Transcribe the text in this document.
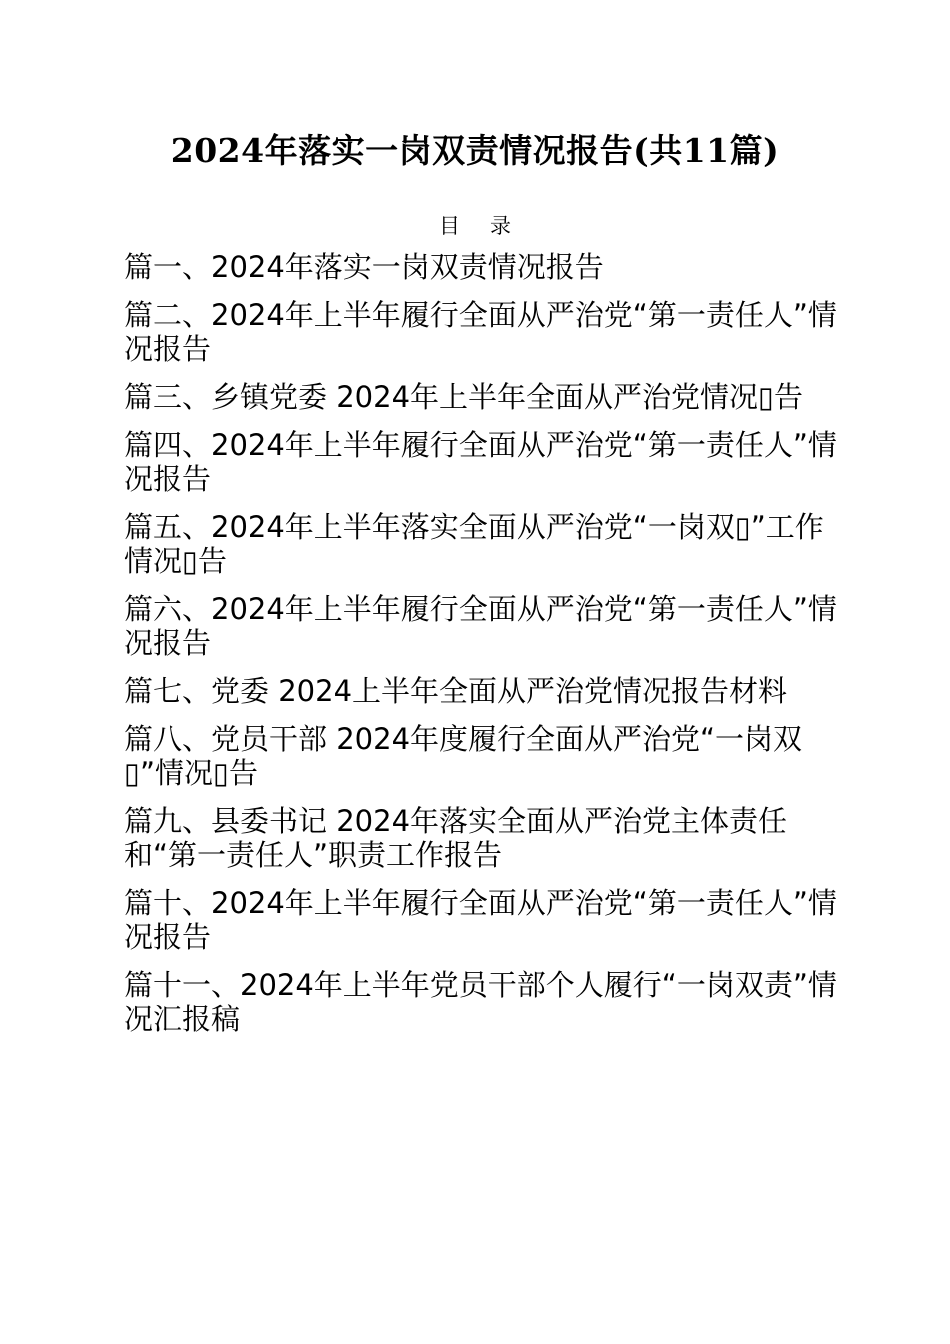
2024年落实一岗双责情况报告(共11篇)
目录
篇一、2024年落实一岗双责情况报告
篇二、2024年上半年履行全面从严治党“第一责任人”情况报告
篇三、乡镇党委 2024年上半年全面从严治党情况▯告
篇四、2024年上半年履行全面从严治党“第一责任人”情况报告
篇五、2024年上半年落实全面从严治党“一岗双▯”工作情况▯告
篇六、2024年上半年履行全面从严治党“第一责任人”情况报告
篇七、党委 2024上半年全面从严治党情况报告材料
篇八、党员干部 2024年度履行全面从严治党“一岗双▯”情况▯告
篇九、县委书记 2024年落实全面从严治党主体责任和“第一责任人”职责工作报告
篇十、2024年上半年履行全面从严治党“第一责任人”情况报告
篇十一、2024年上半年党员干部个人履行“一岗双责”情况汇报稿
